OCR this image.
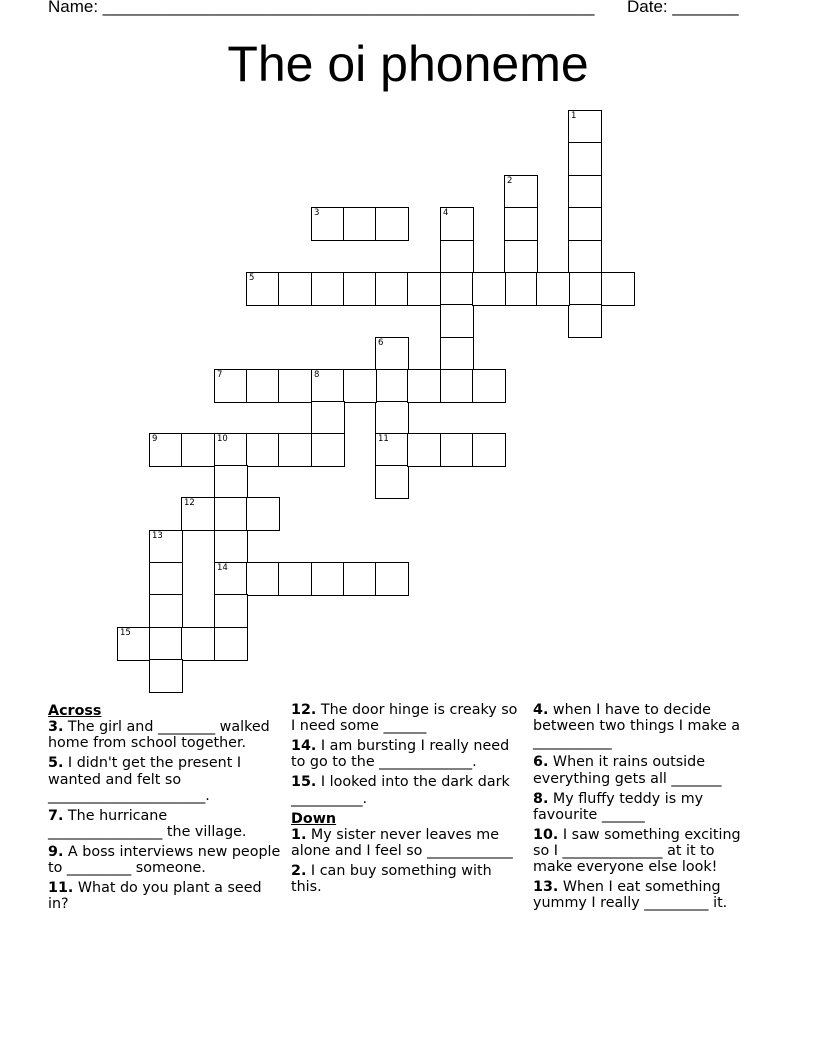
Name: ____________________________________________________ Date: _______
The oi phoneme
1
2
3	4
5
6
7	8
9	10	11
12
13
14
15
Across
3. The girl and ________ walked home from school together.
5. I didn't get the present I wanted and felt so ______________________.
7. The hurricane ________________ the village.
9. A boss interviews new people to _________ someone.
11. What do you plant a seed in?
12. The door hinge is creaky so I need some ______
14. I am bursting I really need to go to the _____________.
15. I looked into the dark dark __________.
Down
1. My sister never leaves me alone and I feel so ____________
2. I can buy something with this.
4. when I have to decide between two things I make a ___________
6. When it rains outside everything gets all _______
8. My fluffy teddy is my favourite ______
10. I saw something exciting so I ______________ at it to make everyone else look!
13. When I eat something yummy I really _________ it.
